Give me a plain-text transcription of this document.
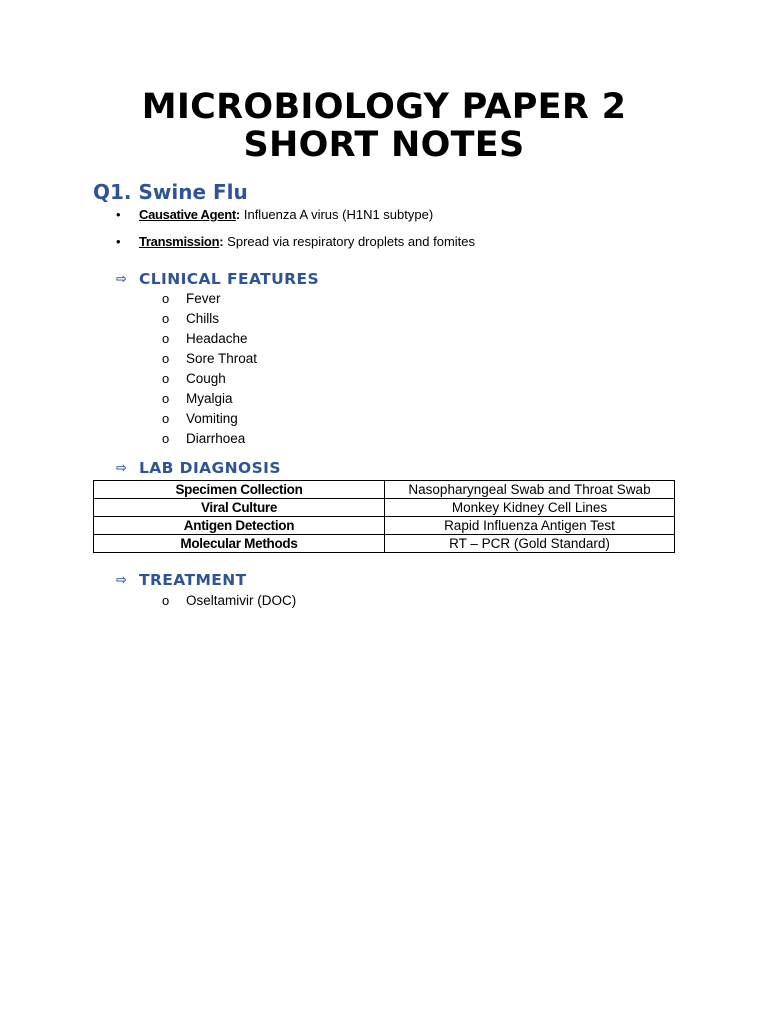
MICROBIOLOGY PAPER 2
SHORT NOTES
Q1. Swine Flu
• Causative Agent: Influenza A virus (H1N1 subtype)
• Transmission: Spread via respiratory droplets and fomites
⇨ CLINICAL FEATURES
o Fever
o Chills
o Headache
o Sore Throat
o Cough
o Myalgia
o Vomiting
o Diarrhoea
⇨ LAB DIAGNOSIS
Specimen Collection	Nasopharyngeal Swab and Throat Swab
Viral Culture	Monkey Kidney Cell Lines
Antigen Detection	Rapid Influenza Antigen Test
Molecular Methods	RT – PCR (Gold Standard)
⇨ TREATMENT
o Oseltamivir (DOC)
